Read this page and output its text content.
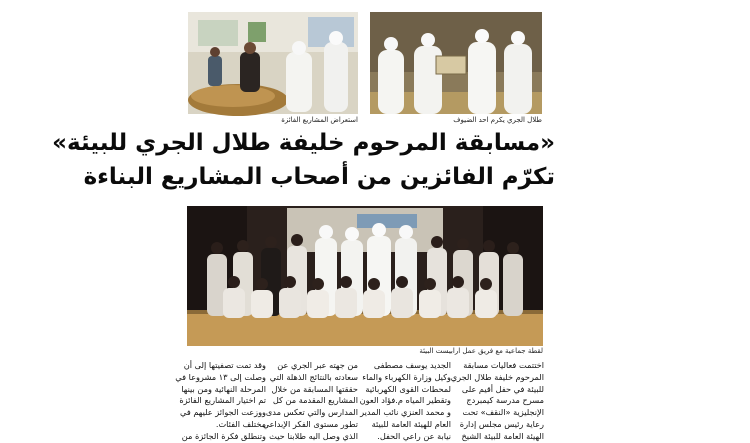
استعراض المشاريع الفائزة	طلال الجري يكرم احد الضيوف
«مسابقة المرحوم خليفة طلال الجري للبيئة»
تكرّم الفائزين من أصحاب المشاريع البناءة
لقطة جماعية مع فريق عمل ارابيست البيئة

اختتمت فعاليات مسابقة

المرحوم خليفة طلال الجري

للبيئة في حفل أقيم على

مسرح مدرسة كيمبردج

الإنجليزية «النقف» تحت

رعاية رئيس مجلس إدارة

الهيئة العامة للبيئة الشيخ

الجديد يوسف مصطفى

وكيل وزارة الكهرباء والماء

لمحطات القوى الكهربائية

وتقطير المياه م.فؤاد العون

و محمد العنزي نائب المدير

العام للهيئة العامة للبيئة

نيابة عن راعي الحفل.

من جهته عبر الجري عن

سعادته بالنتائج الذهلة التي

حققتها المسابقة من خلال

المشاريع المقدمة من كل

المدارس والتي تعكس مدى

تطور مستوى الفكر الإبداعي

الذي وصل اليه طلابنا حيث

وقد تمت تصفيتها إلى أن

وصلت إلى ١٣ مشروعا في

المرحلة النهائية ومن بينها

تم اختيار المشاريع الفائزة

ووزعت الجوائز عليهم في

مختلف الفئات.

وتنطلق فكرة الجائزة من
